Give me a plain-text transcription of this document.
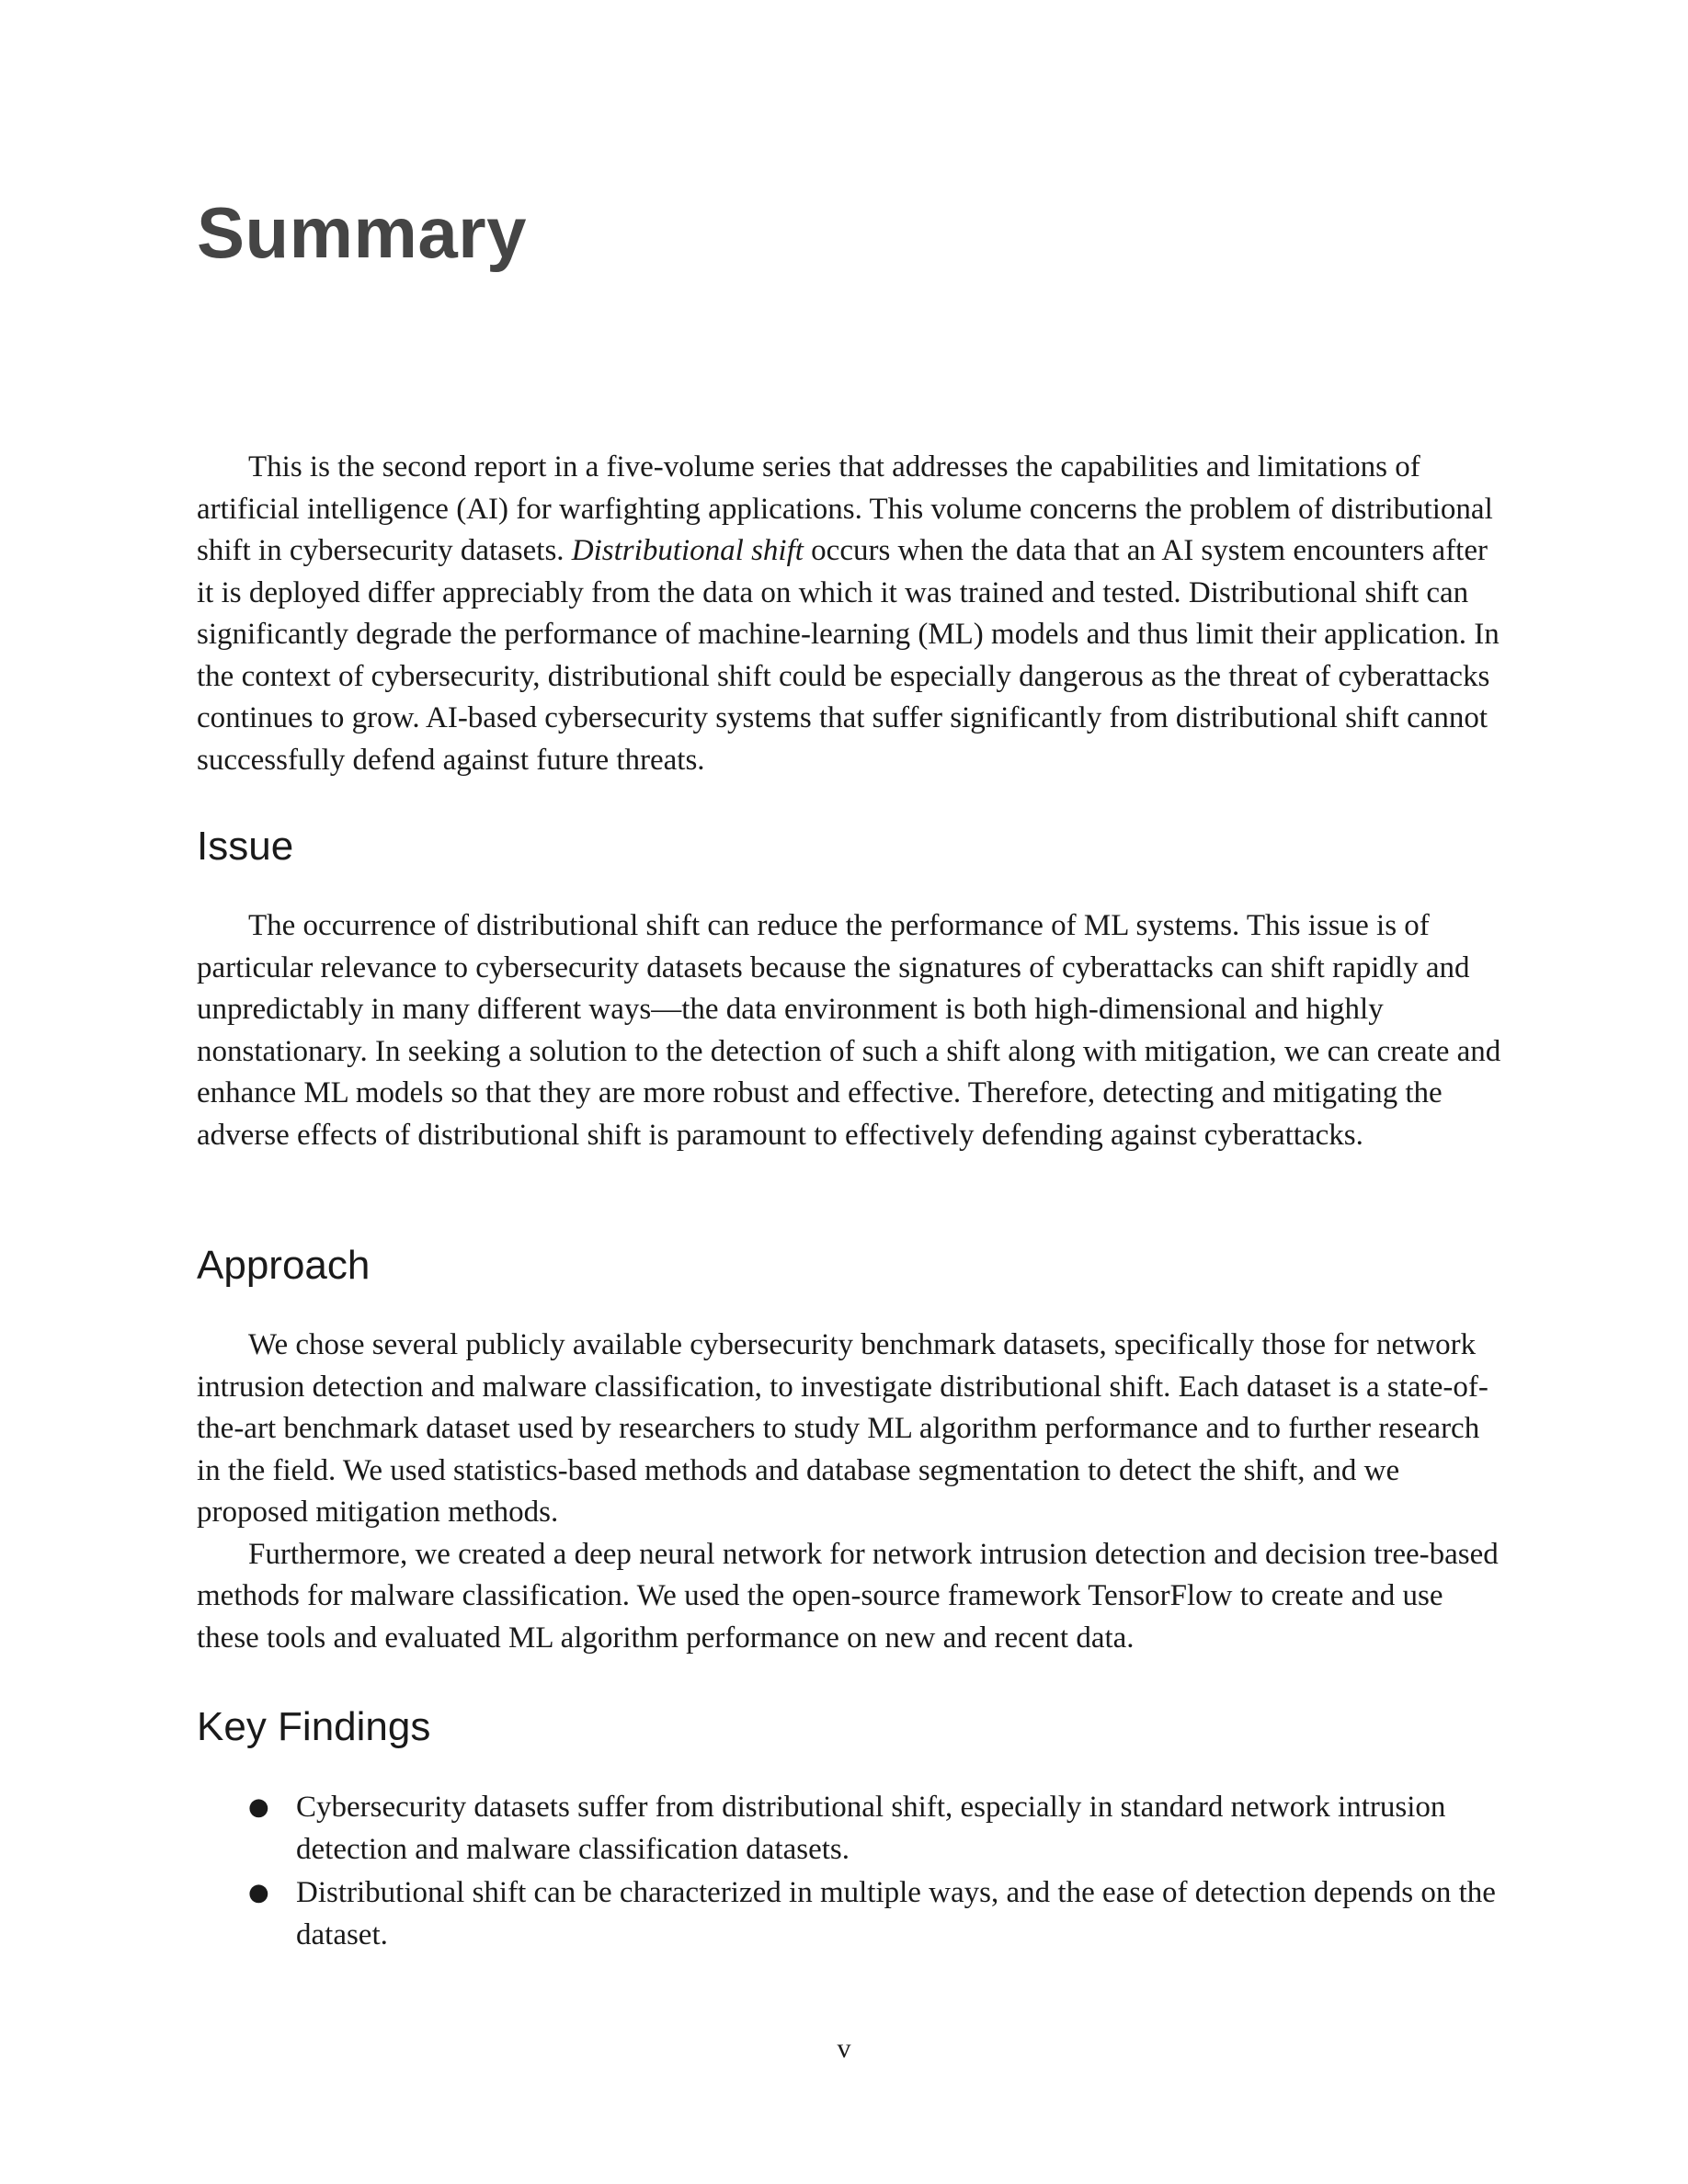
Summary

This is the second report in a five-volume series that addresses the capabilities and limitations of artificial intelligence (AI) for warfighting applications. This volume concerns the problem of distributional shift in cybersecurity datasets. Distributional shift occurs when the data that an AI system encounters after it is deployed differ appreciably from the data on which it was trained and tested. Distributional shift can significantly degrade the performance of machine-learning (ML) models and thus limit their application. In the context of cybersecurity, distributional shift could be especially dangerous as the threat of cyberattacks continues to grow. AI-based cybersecurity systems that suffer significantly from distributional shift cannot successfully defend against future threats.

Issue

The occurrence of distributional shift can reduce the performance of ML systems. This issue is of particular relevance to cybersecurity datasets because the signatures of cyberattacks can shift rapidly and unpredictably in many different ways—the data environment is both high-dimensional and highly nonstationary. In seeking a solution to the detection of such a shift along with mitigation, we can create and enhance ML models so that they are more robust and effective. Therefore, detecting and mitigating the adverse effects of distributional shift is paramount to effectively defending against cyberattacks.

Approach

We chose several publicly available cybersecurity benchmark datasets, specifically those for network intrusion detection and malware classification, to investigate distributional shift. Each dataset is a state-of-the-art benchmark dataset used by researchers to study ML algorithm performance and to further research in the field. We used statistics-based methods and database segmentation to detect the shift, and we proposed mitigation methods.

Furthermore, we created a deep neural network for network intrusion detection and decision tree-based methods for malware classification. We used the open-source framework TensorFlow to create and use these tools and evaluated ML algorithm performance on new and recent data.

Key Findings
● Cybersecurity datasets suffer from distributional shift, especially in standard network intrusion detection and malware classification datasets.
● Distributional shift can be characterized in multiple ways, and the ease of detection depends on the dataset.
v
